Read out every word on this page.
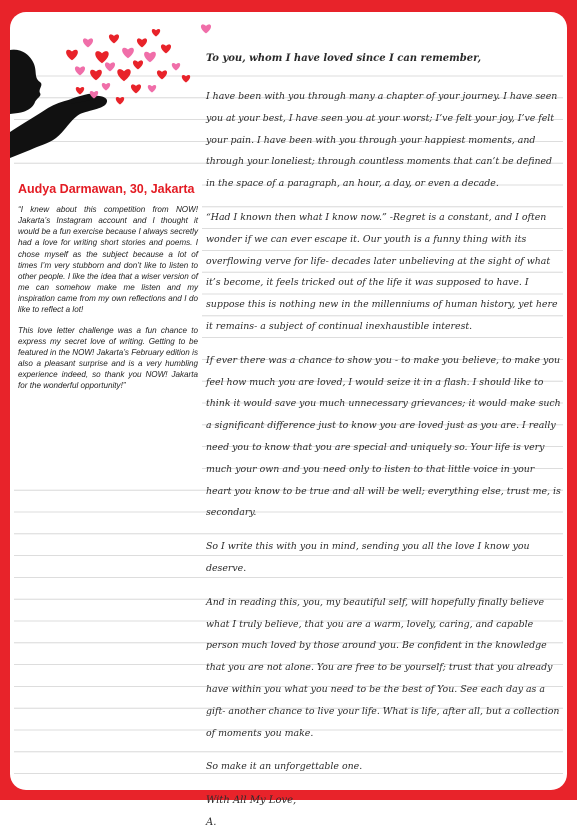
Audya Darmawan, 30, Jakarta

“I knew about this competition from NOW! Jakarta’s Instagram account and I thought it would be a fun exercise because I always secretly had a love for writing short stories and poems. I chose myself as the subject because a lot of times I’m very stubborn and don’t like to listen to other people. I like the idea that a wiser version of me can somehow make me listen and my inspiration came from my own reflections and I do like to reflect a lot!

This love letter challenge was a fun chance to express my secret love of writing. Getting to be featured in the NOW! Jakarta’s February edition is also a pleasant surprise and is a very humbling experience indeed, so thank you NOW! Jakarta for the wonderful opportunity!”

To you, whom I have loved since I can remember,

I have been with you through many a chapter of your journey. I have seen you at your best, I have seen you at your worst; I’ve felt your joy, I’ve felt your pain. I have been with you through your happiest moments, and through your loneliest; through countless moments that can’t be defined in the space of a paragraph, an hour, a day, or even a decade.

“Had I known then what I know now.” -Regret is a constant, and I often wonder if we can ever escape it. Our youth is a funny thing with its overflowing verve for life- decades later unbelieving at the sight of what it’s become, it feels tricked out of the life it was supposed to have. I suppose this is nothing new in the millenniums of human history, yet here it remains- a subject of continual inexhaustible interest.

If ever there was a chance to show you - to make you believe, to make you feel how much you are loved, I would seize it in a flash. I should like to think it would save you much unnecessary grievances; it would make such a significant difference just to know you are loved just as you are. I really need you to know that you are special and uniquely so. Your life is very much your own and you need only to listen to that little voice in your heart you know to be true and all will be well; everything else, trust me, is secondary.

So I write this with you in mind, sending you all the love I know you deserve.

And in reading this, you, my beautiful self, will hopefully finally believe what I truly believe, that you are a warm, lovely, caring, and capable person much loved by those around you. Be confident in the knowledge that you are not alone. You are free to be yourself; trust that you already have within you what you need to be the best of You. See each day as a gift- another chance to live your life. What is life, after all, but a collection of moments you make.

So make it an unforgettable one.

With All My Love,
A.
